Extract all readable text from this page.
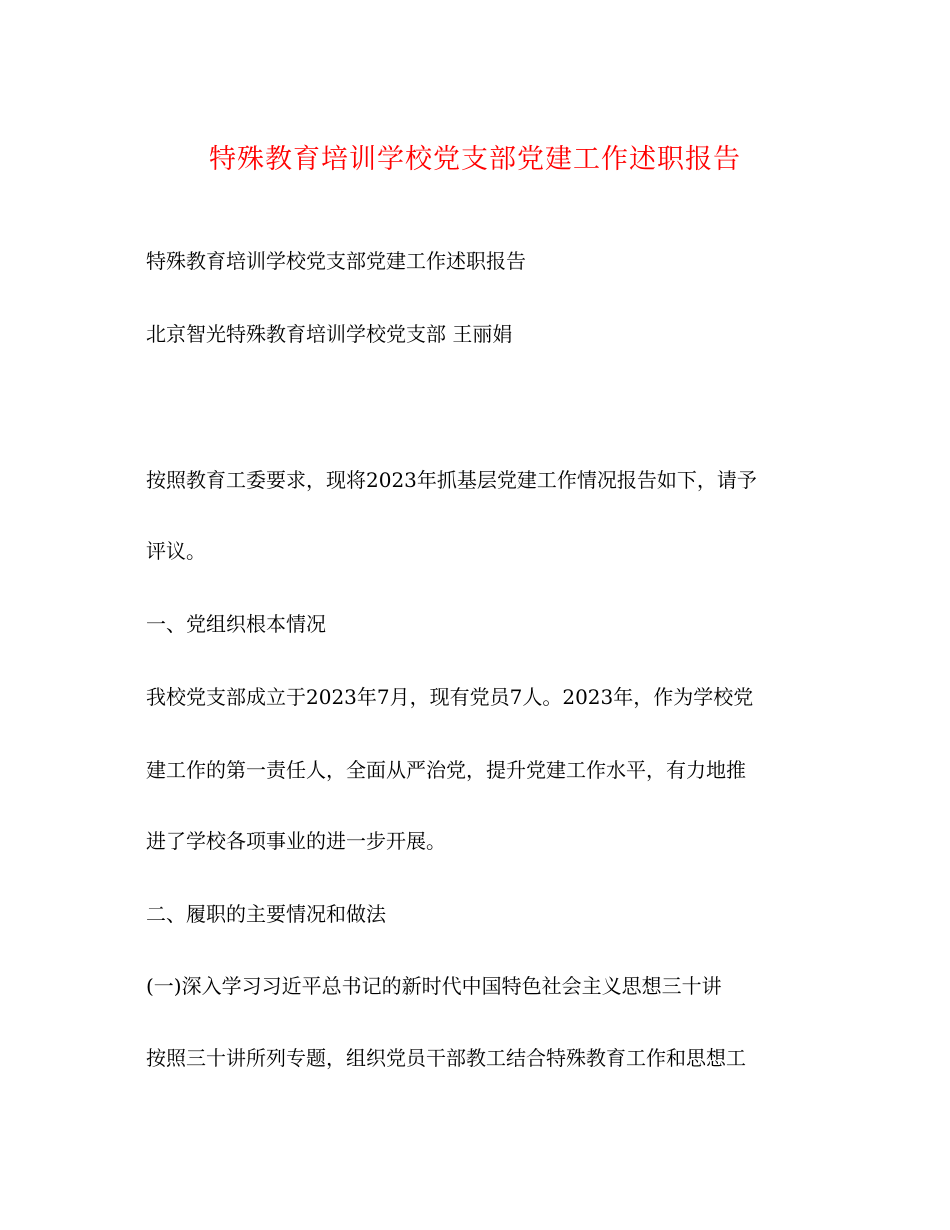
特殊教育培训学校党支部党建工作述职报告
特殊教育培训学校党支部党建工作述职报告
北京智光特殊教育培训学校党支部 王丽娟
按照教育工委要求，现将2023年抓基层党建工作情况报告如下，请予
评议。
一、党组织根本情况
我校党支部成立于2023年7月，现有党员7人。2023年，作为学校党
建工作的第一责任人，全面从严治党，提升党建工作水平，有力地推
进了学校各项事业的进一步开展。
二、履职的主要情况和做法
(一)深入学习习近平总书记的新时代中国特色社会主义思想三十讲
按照三十讲所列专题，组织党员干部教工结合特殊教育工作和思想工
